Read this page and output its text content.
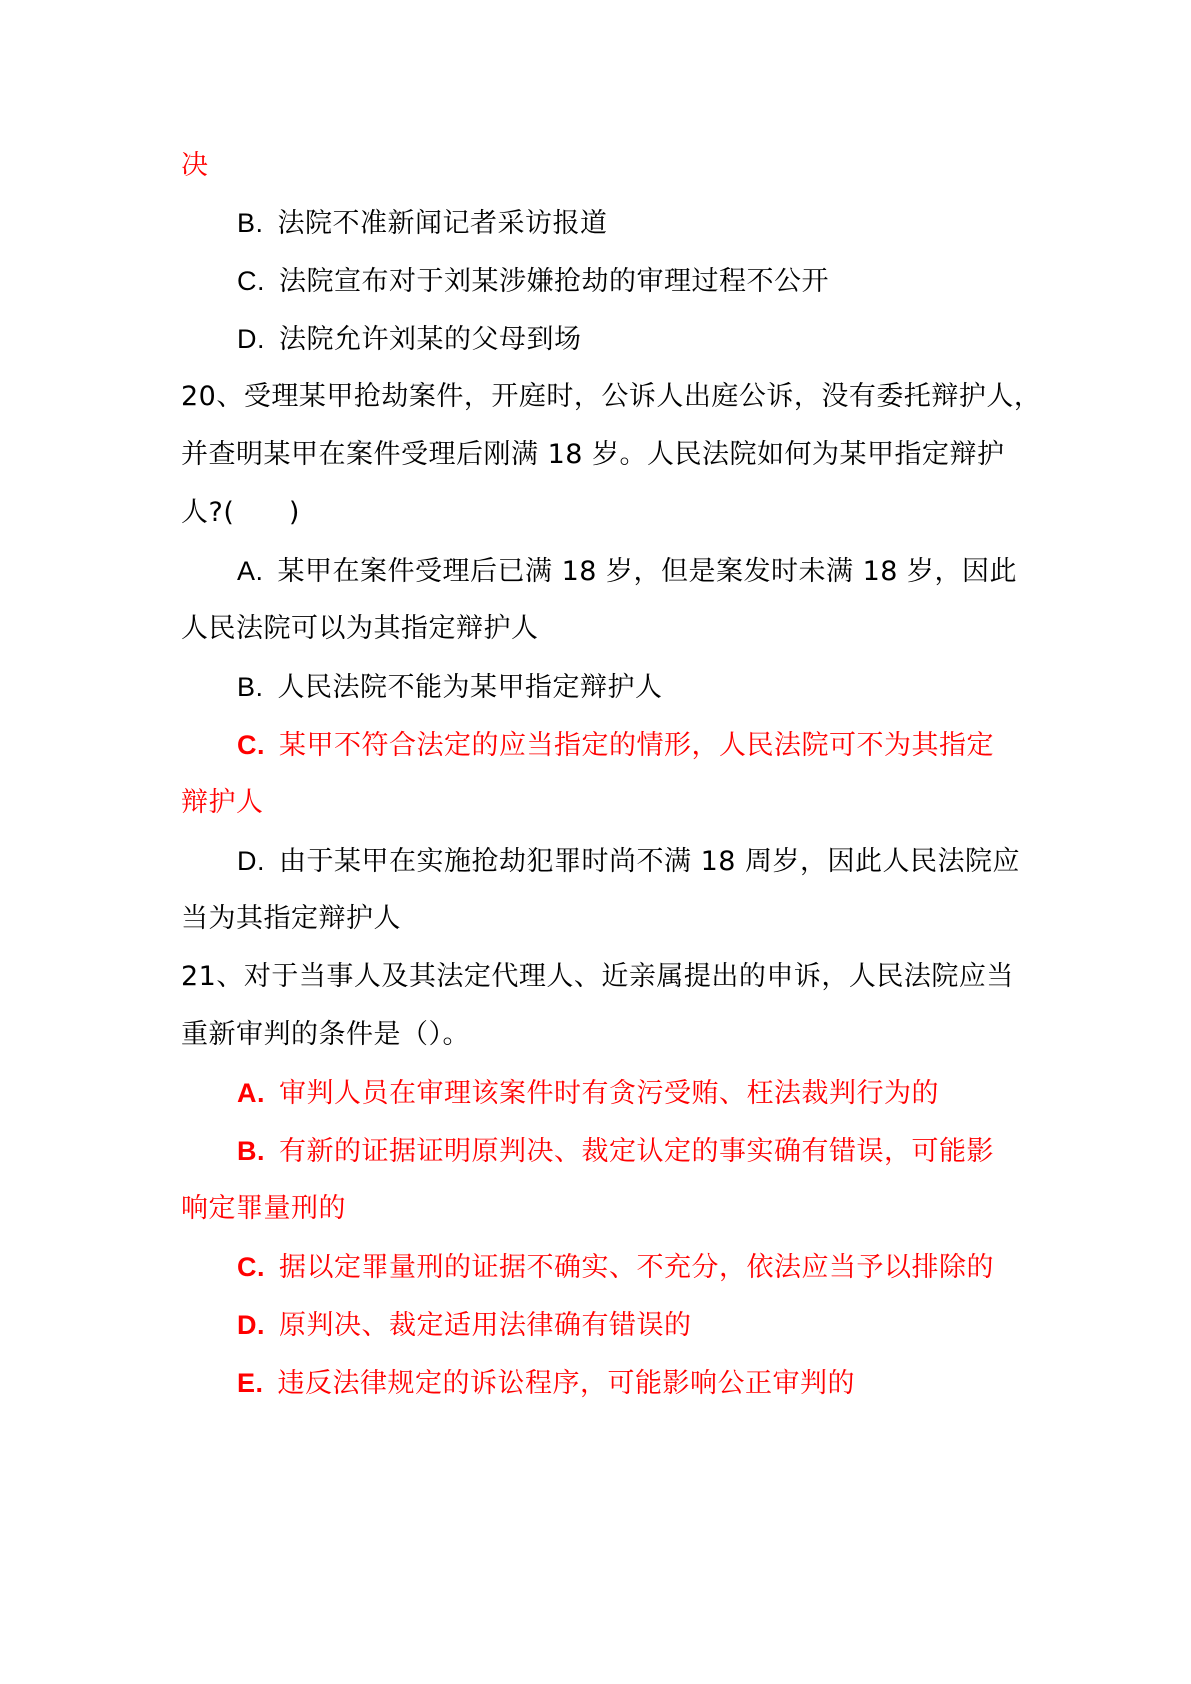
决
B. 法院不准新闻记者采访报道
C. 法院宣布对于刘某涉嫌抢劫的审理过程不公开
D. 法院允许刘某的父母到场
20、受理某甲抢劫案件，开庭时，公诉人出庭公诉，没有委托辩护人，
并查明某甲在案件受理后刚满 18 岁。人民法院如何为某甲指定辩护
人?(      )
A. 某甲在案件受理后已满 18 岁，但是案发时未满 18 岁，因此
人民法院可以为其指定辩护人
B. 人民法院不能为某甲指定辩护人
C. 某甲不符合法定的应当指定的情形，人民法院可不为其指定
辩护人
D. 由于某甲在实施抢劫犯罪时尚不满 18 周岁，因此人民法院应
当为其指定辩护人
21、对于当事人及其法定代理人、近亲属提出的申诉，人民法院应当
重新审判的条件是（）。
A. 审判人员在审理该案件时有贪污受贿、枉法裁判行为的
B. 有新的证据证明原判决、裁定认定的事实确有错误，可能影
响定罪量刑的
C. 据以定罪量刑的证据不确实、不充分，依法应当予以排除的
D. 原判决、裁定适用法律确有错误的
E. 违反法律规定的诉讼程序，可能影响公正审判的
